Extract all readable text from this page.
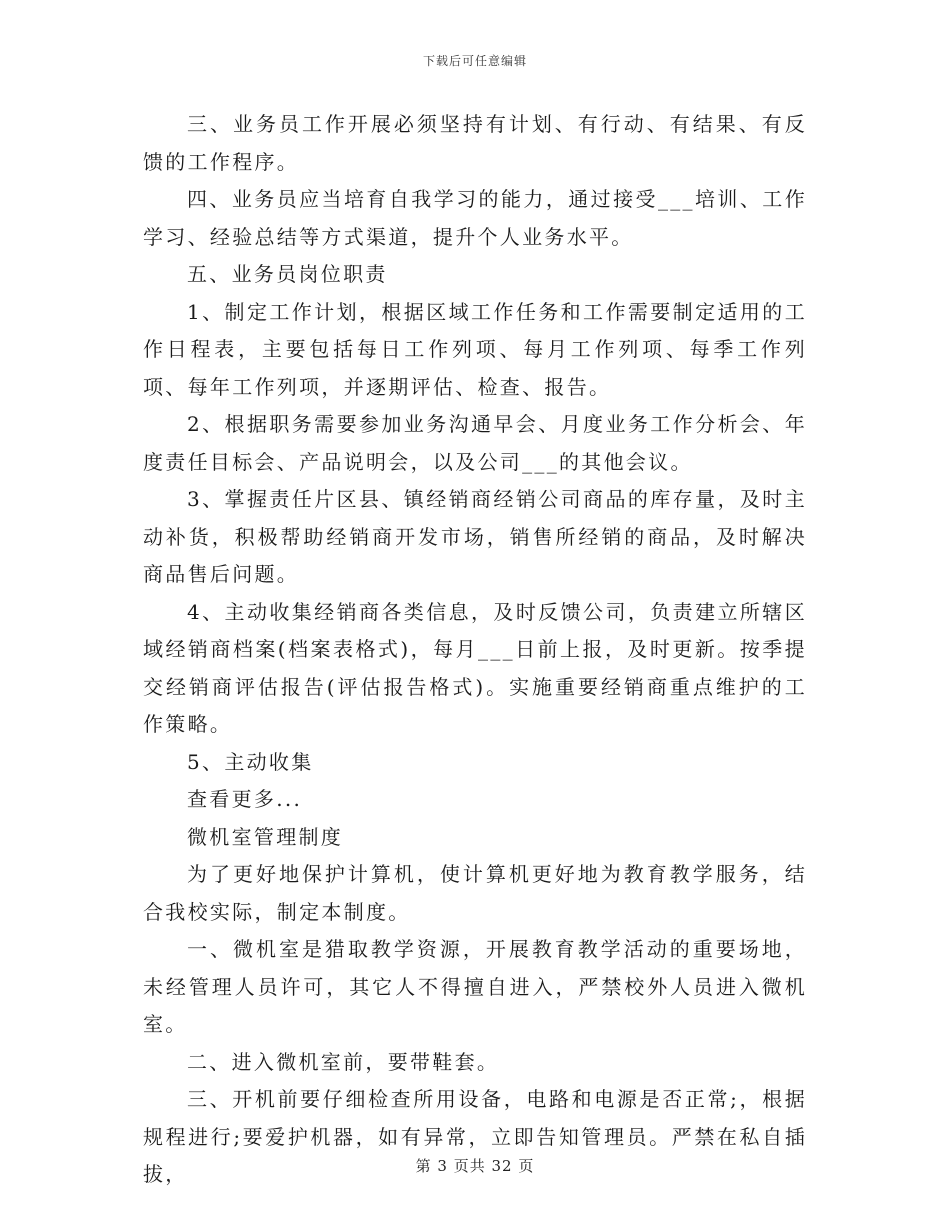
下载后可任意编辑

三、业务员工作开展必须坚持有计划、有行动、有结果、有反馈的工作程序。

四、业务员应当培育自我学习的能力，通过接受___培训、工作学习、经验总结等方式渠道，提升个人业务水平。

五、业务员岗位职责

1、制定工作计划，根据区域工作任务和工作需要制定适用的工作日程表，主要包括每日工作列项、每月工作列项、每季工作列项、每年工作列项，并逐期评估、检查、报告。

2、根据职务需要参加业务沟通早会、月度业务工作分析会、年度责任目标会、产品说明会，以及公司___的其他会议。

3、掌握责任片区县、镇经销商经销公司商品的库存量，及时主动补货，积极帮助经销商开发市场，销售所经销的商品，及时解决商品售后问题。

4、主动收集经销商各类信息，及时反馈公司，负责建立所辖区域经销商档案(档案表格式)，每月___日前上报，及时更新。按季提交经销商评估报告(评估报告格式)。实施重要经销商重点维护的工作策略。

5、主动收集

查看更多...

微机室管理制度

为了更好地保护计算机，使计算机更好地为教育教学服务，结合我校实际，制定本制度。

一、微机室是猎取教学资源，开展教育教学活动的重要场地，未经管理人员许可，其它人不得擅自进入，严禁校外人员进入微机室。

二、进入微机室前，要带鞋套。

三、开机前要仔细检查所用设备，电路和电源是否正常;，根据规程进行;要爱护机器，如有异常，立即告知管理员。严禁在私自插拔，	第 3 页共 32 页
